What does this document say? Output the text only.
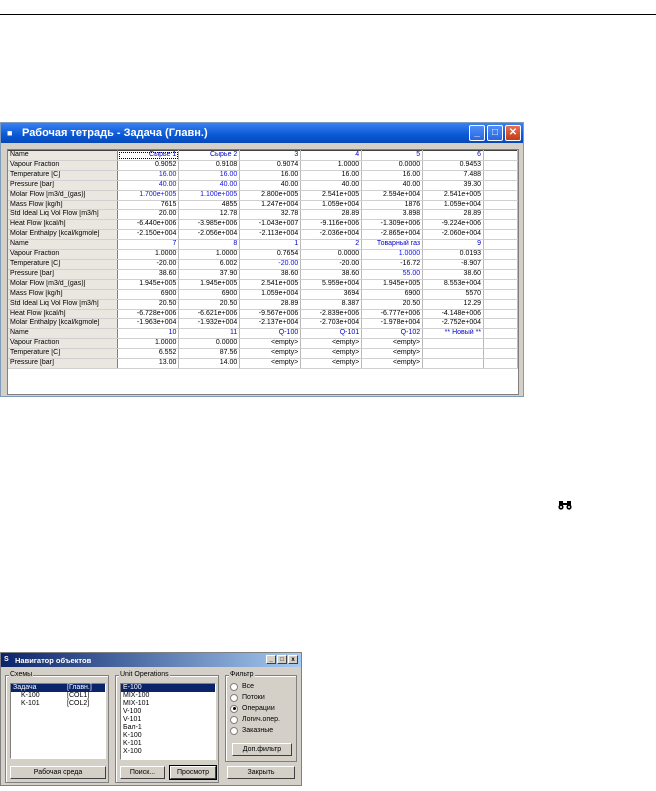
■ Рабочая тетрадь - Задача (Главн.)	_	□	✕
Name	Сырье 1	Сырье 2	3	4	5	6	
Vapour Fraction	0.9052	0.9108	0.9074	1.0000	0.0000	0.9453	
Temperature [C]	16.00	16.00	16.00	16.00	16.00	7.488	
Pressure [bar]	40.00	40.00	40.00	40.00	40.00	39.30	
Molar Flow [m3/d_(gas)]	1.700e+005	1.100e+005	2.800e+005	2.541e+005	2.594e+004	2.541e+005	
Mass Flow [kg/h]	7615	4855	1.247e+004	1.059e+004	1876	1.059e+004	
Std Ideal Liq Vol Flow [m3/h]	20.00	12.78	32.78	28.89	3.898	28.89	
Heat Flow [kcal/h]	-6.440e+006	-3.985e+006	-1.043e+007	-9.116e+006	-1.309e+006	-9.224e+006	
Molar Enthalpy [kcal/kgmole]	-2.150e+004	-2.056e+004	-2.113e+004	-2.036e+004	-2.865e+004	-2.060e+004	
Name	7	8	1	2	Товарный газ	9	
Vapour Fraction	1.0000	1.0000	0.7654	0.0000	1.0000	0.0193	
Temperature [C]	-20.00	6.002	-20.00	-20.00	-16.72	-8.907	
Pressure [bar]	38.60	37.90	38.60	38.60	55.00	38.60	
Molar Flow [m3/d_(gas)]	1.945e+005	1.945e+005	2.541e+005	5.959e+004	1.945e+005	8.553e+004	
Mass Flow [kg/h]	6900	6900	1.059e+004	3694	6900	5570	
Std Ideal Liq Vol Flow [m3/h]	20.50	20.50	28.89	8.387	20.50	12.29	
Heat Flow [kcal/h]	-6.728e+006	-6.621e+006	-9.567e+006	-2.839e+006	-6.777e+006	-4.148e+006	
Molar Enthalpy [kcal/kgmole]	-1.963e+004	-1.932e+004	-2.137e+004	-2.703e+004	-1.978e+004	-2.752e+004	
Name	10	11	Q-100	Q-101	Q-102	** Новый **	
Vapour Fraction	1.0000	0.0000	<empty>	<empty>	<empty>		
Temperature [C]	6.552	87.56	<empty>	<empty>	<empty>		
Pressure [bar]	13.00	14.00	<empty>	<empty>	<empty>		
S Навигатор объектов	_	□	x
Схемы
Задача	[Главн.]
K-100	[COL1]
K-101	[COL2]
Рабочая среда
Unit Operations
E-100
MIX-100
MIX-101
V-100
V-101
Бал-1
K-100
K-101
X-100
Поиск...	Просмотр
Фильтр
Все
Потоки
Операции
Логич.опер.
Заказные
Доп.фильтр
Закрыть
